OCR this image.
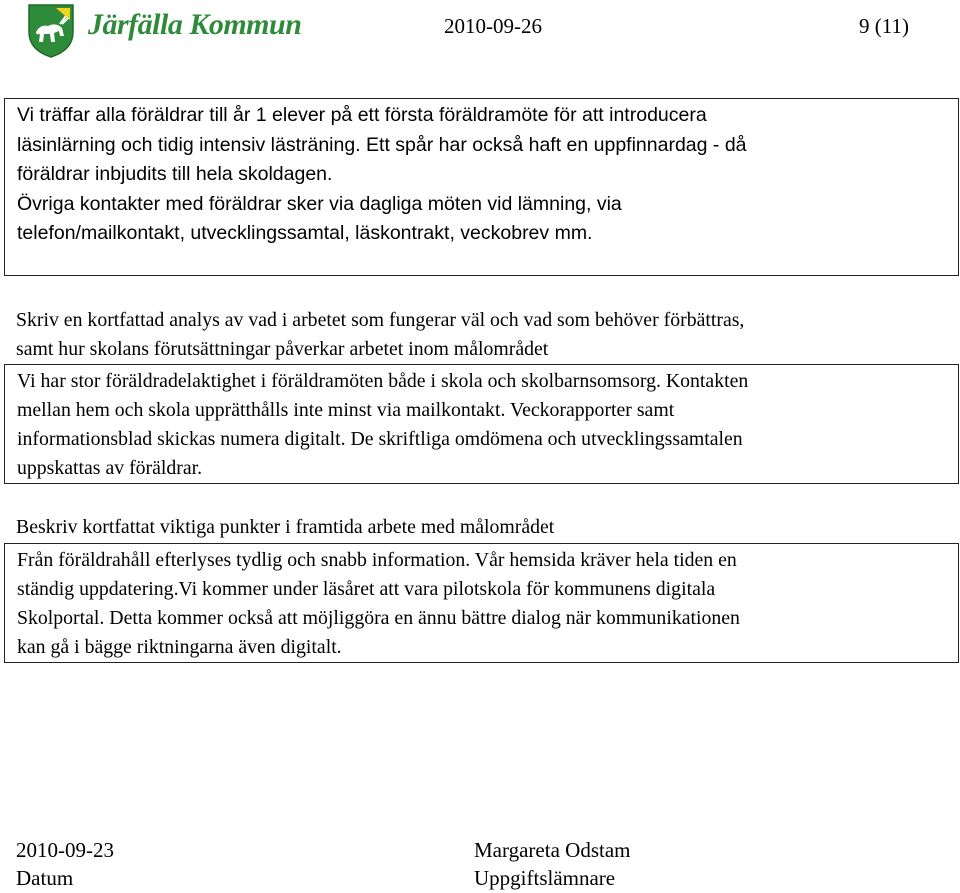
Järfälla Kommun	2010-09-26	9 (11)

Vi träffar alla föräldrar till år 1 elever på ett första föräldramöte för att introducera

läsinlärning och tidig intensiv lästräning. Ett spår har också haft en uppfinnardag - då

föräldrar inbjudits till hela skoldagen.

Övriga kontakter med föräldrar sker via dagliga möten vid lämning, via

telefon/mailkontakt, utvecklingssamtal, läskontrakt, veckobrev mm.

Skriv en kortfattad analys av vad i arbetet som fungerar väl och vad som behöver förbättras,
samt hur skolans förutsättningar påverkar arbetet inom målområdet

Vi har stor föräldradelaktighet i föräldramöten både i skola och skolbarnsomsorg. Kontakten

mellan hem och skola upprätthålls inte minst via mailkontakt. Veckorapporter samt

informationsblad skickas numera digitalt. De skriftliga omdömena och utvecklingssamtalen

uppskattas av föräldrar.

Beskriv kortfattat viktiga punkter i framtida arbete med målområdet

Från föräldrahåll efterlyses tydlig och snabb information. Vår hemsida kräver hela tiden en

ständig uppdatering.Vi kommer under läsåret att vara pilotskola för kommunens digitala

Skolportal. Detta kommer också att möjliggöra en ännu bättre dialog när kommunikationen

kan gå i bägge riktningarna även digitalt.

2010-09-23
Datum
Margareta Odstam
Uppgiftslämnare
